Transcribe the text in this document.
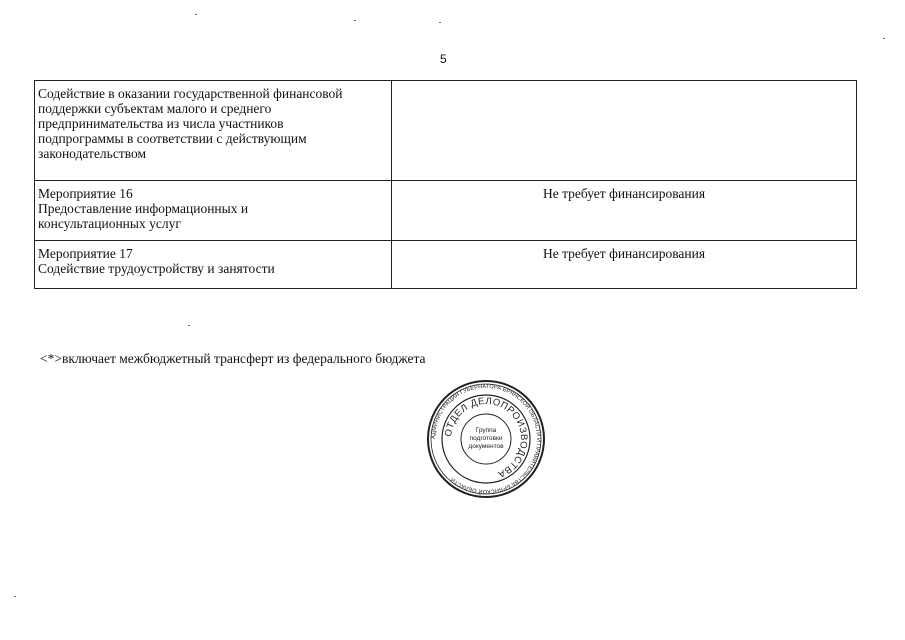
5
Содействие в оказании государственной финансовой
поддержки субъектам малого и среднего
предпринимательства из числа участников
подпрограммы в соответствии с действующим
законодательством	

Мероприятие 16
Предоставление информационных и
консультационных услуг	Не требует финансирования

Мероприятие 17
Содействие трудоустройству и занятости	Не требует финансирования
<*>включает межбюджетный трансферт из федерального бюджета
АДМИНИСТРАЦИЯ ГУБЕРНАТОРА БРЯНСКОЙ ОБЛАСТИ И ПРАВИТЕЛЬСТВА БРЯНСКОЙ ОБЛАСТИ
ОТДЕЛ ДЕЛОПРОИЗВОДСТВА
Группа
подготовки
документов
